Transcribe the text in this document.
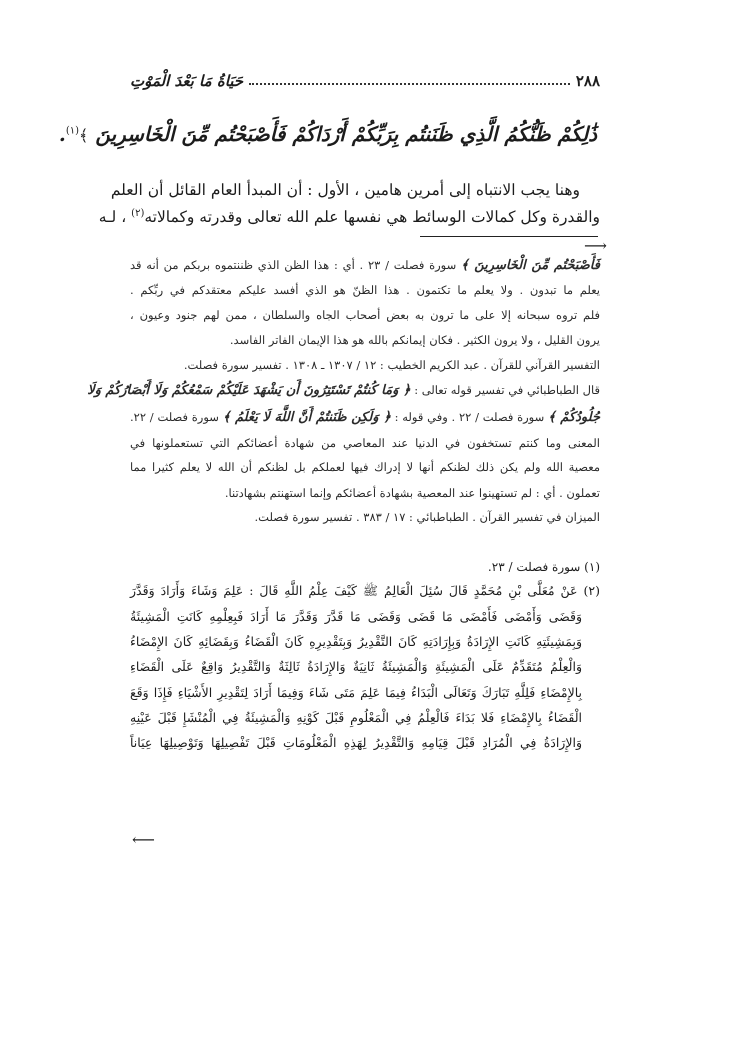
٢٨٨
حَيَاةُ مَا بَعْدَ الْمَوْتِ
ذَٰلِكُمْ ظَنُّكُمُ الَّذِي ظَنَنتُم بِرَبِّكُمْ أَرْدَاكُمْ فَأَصْبَحْتُم مِّنَ الْخَاسِرِينَ ﴾$^{(١)}$.
وهنا يجب الانتباه إلى أمرين هامين ، الأول : أن المبدأ العام القائل أن العلم
والقدرة وكل كمالات الوسائط هي نفسها علم الله تعالى وقدرته وكمالاته$^{(٢)}$ ، لـه
⟶
فَأَصْبَحْتُم مِّنَ الْخَاسِرِينَ ﴾ سورة فصلت / ٢٣ . أي : هذا الظن الذي ظننتموه بربكم من أنه قد
يعلم ما تبدون . ولا يعلم ما تكتمون . هذا الظنّ هو الذي أفسد عليكم معتقدكم في ربِّكم .
فلم تروه سبحانه إلا على ما ترون به بعض أصحاب الجاه والسلطان ، ممن لهم جنود وعيون ،
يرون القليل ، ولا يرون الكثير . فكان إيمانكم بالله هو هذا الإيمان الفاتر الفاسد.
التفسير القرآني للقرآن . عبد الكريم الخطيب : ١٢ / ١٣٠٧ ـ ١٣٠٨ . تفسير سورة فصلت.
قال الطباطبائي في تفسير قوله تعالى : ﴿ وَمَا كُنتُمْ تَسْتَتِرُونَ أَن يَشْهَدَ عَلَيْكُمْ سَمْعُكُمْ وَلَا أَبْصَارُكُمْ وَلَا
جُلُودُكُمْ ﴾ سورة فصلت / ٢٢ . وفي قوله : ﴿ وَلَكِن ظَنَنتُمْ أَنَّ اللَّهَ لَا يَعْلَمُ ﴾ سورة فصلت / ٢٢.
المعنى وما كنتم تستخفون في الدنيا عند المعاصي من شهادة أعضائكم التي تستعملونها في
معصية الله ولم يكن ذلك لظنكم أنها لا إدراك فيها لعملكم بل لظنكم أن الله لا يعلم كثيرا مما
تعملون . أي : لم تستهينوا عند المعصية بشهادة أعضائكم وإنما استهنتم بشهادتنا.
الميزان في تفسير القرآن . الطباطبائي : ١٧ / ٣٨٣ . تفسير سورة فصلت.
(١) سورة فصلت / ٢٣.
(٢) عَنْ مُعَلَّى بْنِ مُحَمَّدٍ قَالَ سُئِلَ الْعَالِمُ ﷺ كَيْفَ عِلْمُ اللَّهِ قَالَ : عَلِمَ وَشَاءَ وَأَرَادَ وَقَدَّرَ
وَقَضَى وَأَمْضَى فَأَمْضَى مَا قَضَى وَقَضَى مَا قَدَّرَ وَقَدَّرَ مَا أَرَادَ فَبِعِلْمِهِ كَانَتِ الْمَشِيئَةُ
وَبِمَشِيئَتِهِ كَانَتِ الإِرَادَةُ وَبِإِرَادَتِهِ كَانَ التَّقْدِيرُ وَبِتَقْدِيرِهِ كَانَ الْقَضَاءُ وَبِقَضَائِهِ كَانَ الإِمْضَاءُ
وَالْعِلْمُ مُتَقَدِّمٌ عَلَى الْمَشِيئَةِ وَالْمَشِيئَةُ ثَانِيَةٌ وَالإِرَادَةُ ثَالِثَةٌ وَالتَّقْدِيرُ وَاقِعٌ عَلَى الْقَضَاءِ
بِالإِمْضَاءِ فَلِلَّهِ تَبَارَكَ وَتَعَالَى الْبَدَاءُ فِيمَا عَلِمَ مَتَى شَاءَ وَفِيمَا أَرَادَ لِتَقْدِيرِ الأَشْيَاءِ فَإِذَا وَقَعَ
الْقَضَاءُ بِالإِمْضَاءِ فَلا بَدَاءَ فَالْعِلْمُ فِي الْمَعْلُومِ قَبْلَ كَوْنِهِ وَالْمَشِيئَةُ فِي الْمُنْشَإِ قَبْلَ عَيْنِهِ
وَالإِرَادَةُ فِي الْمُرَادِ قَبْلَ قِيَامِهِ وَالتَّقْدِيرُ لِهَذِهِ الْمَعْلُومَاتِ قَبْلَ تَفْصِيلِهَا وَتَوْصِيلِهَا عِيَاناً
⟵
